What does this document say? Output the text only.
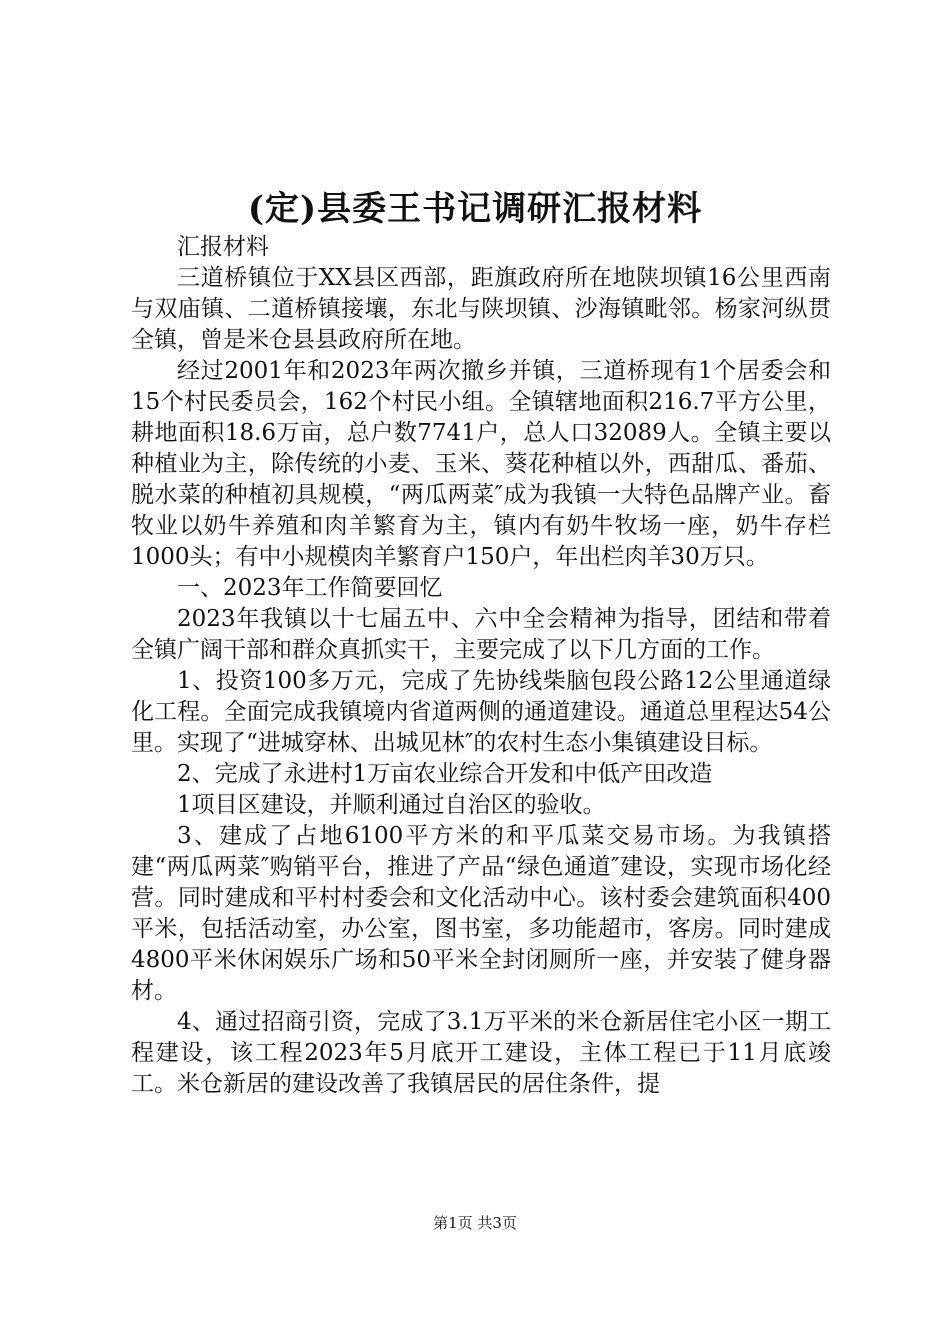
(定)县委王书记调研汇报材料

汇报材料

三道桥镇位于XX县区西部，距旗政府所在地陕坝镇16公里西南与双庙镇、二道桥镇接壤，东北与陕坝镇、沙海镇毗邻。杨家河纵贯全镇，曾是米仓县县政府所在地。

经过2001年和2023年两次撤乡并镇，三道桥现有1个居委会和15个村民委员会，162个村民小组。全镇辖地面积216.7平方公里，耕地面积18.6万亩，总户数7741户，总人口32089人。全镇主要以种植业为主，除传统的小麦、玉米、葵花种植以外，西甜瓜、番茄、脱水菜的种植初具规模，“两瓜两菜″成为我镇一大特色品牌产业。畜牧业以奶牛养殖和肉羊繁育为主，镇内有奶牛牧场一座，奶牛存栏1000头；有中小规模肉羊繁育户150户，年出栏肉羊30万只。

一、2023年工作简要回忆

2023年我镇以十七届五中、六中全会精神为指导，团结和带着全镇广阔干部和群众真抓实干，主要完成了以下几方面的工作。

1、投资100多万元，完成了先协线柴脑包段公路12公里通道绿化工程。全面完成我镇境内省道两侧的通道建设。通道总里程达54公里。实现了“进城穿林、出城见林″的农村生态小集镇建设目标。

2、完成了永进村1万亩农业综合开发和中低产田改造

1项目区建设，并顺利通过自治区的验收。

3、建成了占地6100平方米的和平瓜菜交易市场。为我镇搭建“两瓜两菜″购销平台，推进了产品“绿色通道″建设，实现市场化经营。同时建成和平村村委会和文化活动中心。该村委会建筑面积400平米，包括活动室，办公室，图书室，多功能超市，客房。同时建成4800平米休闲娱乐广场和50平米全封闭厕所一座，并安装了健身器材。

4、通过招商引资，完成了3.1万平米的米仓新居住宅小区一期工程建设，该工程2023年5月底开工建设，主体工程已于11月底竣工。米仓新居的建设改善了我镇居民的居住条件，提

第1页 共3页
